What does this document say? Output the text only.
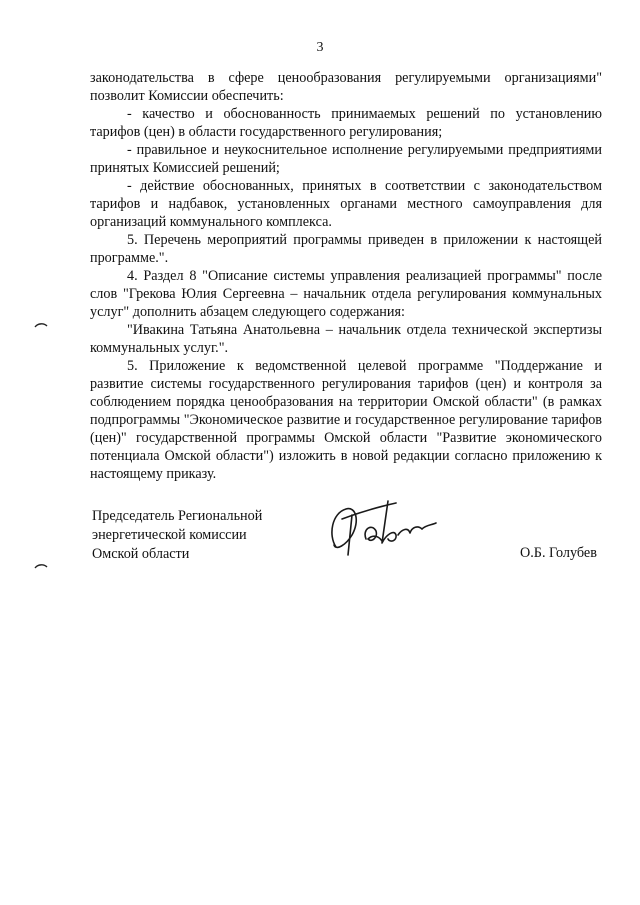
3

законодательства в сфере ценообразования регулируемыми организациями" позволит Комиссии обеспечить:

- качество и обоснованность принимаемых решений по установлению тарифов (цен) в области государственного регулирования;

- правильное и неукоснительное исполнение регулируемыми предприятиями принятых Комиссией решений;

- действие обоснованных, принятых в соответствии с законодательством тарифов и надбавок, установленных органами местного самоуправления для организаций коммунального комплекса.

5. Перечень мероприятий программы приведен в приложении к настоящей программе.".

4. Раздел 8 "Описание системы управления реализацией программы" после слов "Грекова Юлия Сергеевна – начальник отдела регулирования коммунальных услуг" дополнить абзацем следующего содержания:

"Ивакина Татьяна Анатольевна – начальник отдела технической экспертизы коммунальных услуг.".

5. Приложение к ведомственной целевой программе "Поддержание и развитие системы государственного регулирования тарифов (цен) и контроля за соблюдением порядка ценообразования на территории Омской области" (в рамках подпрограммы "Экономическое развитие и государственное регулирование тарифов (цен)" государственной программы Омской области "Развитие экономического потенциала Омской области") изложить в новой редакции согласно приложению к настоящему приказу.

Председатель Региональной
энергетической комиссии
Омской области	О.Б. Голубев
